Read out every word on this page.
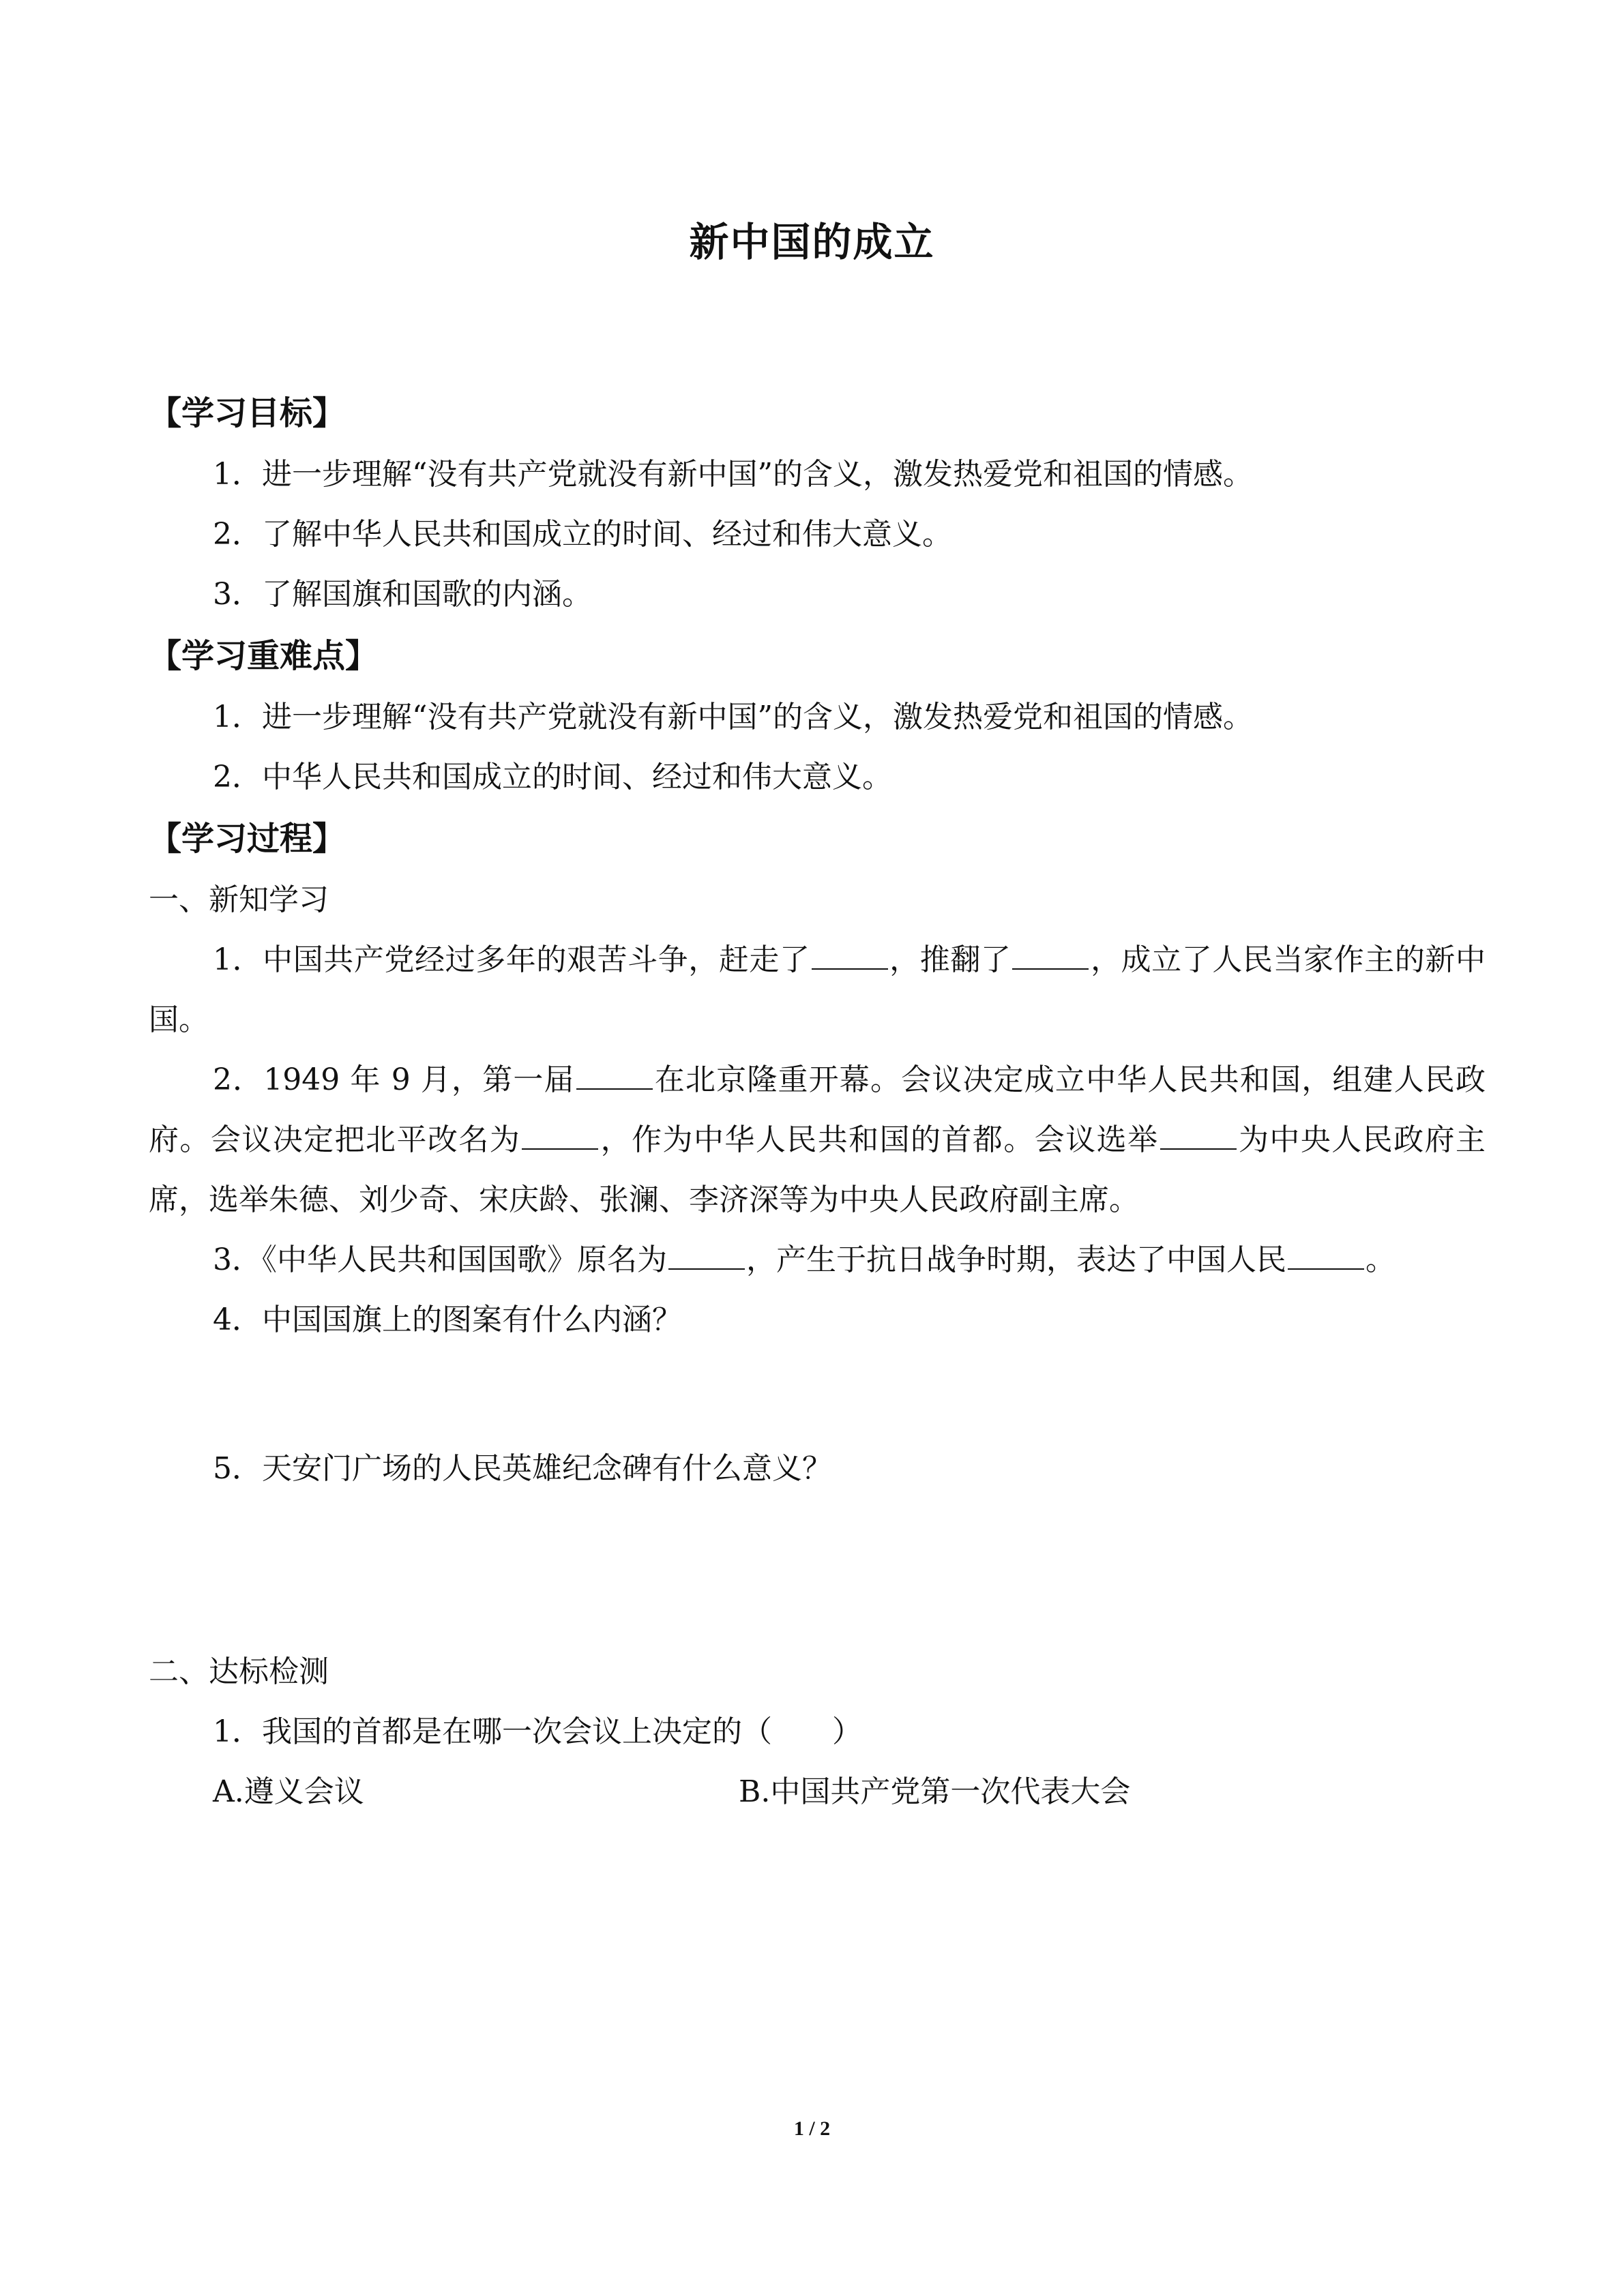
新中国的成立

【学习目标】

1．进一步理解“没有共产党就没有新中国”的含义，激发热爱党和祖国的情感。

2．了解中华人民共和国成立的时间、经过和伟大意义。

3．了解国旗和国歌的内涵。

【学习重难点】

1．进一步理解“没有共产党就没有新中国”的含义，激发热爱党和祖国的情感。

2．中华人民共和国成立的时间、经过和伟大意义。

【学习过程】

一、新知学习

1．中国共产党经过多年的艰苦斗争，赶走了	，推翻了	，成立了人民当家作主的新中国。

2．1949 年 9 月，第一届	在北京隆重开幕。会议决定成立中华人民共和国，组建人民政府。会议决定把北平改名为	，作为中华人民共和国的首都。会议选举	为中央人民政府主席，选举朱德、刘少奇、宋庆龄、张澜、李济深等为中央人民政府副主席。

3．《中华人民共和国国歌》原名为	，产生于抗日战争时期，表达了中国人民	。

4．中国国旗上的图案有什么内涵？

5．天安门广场的人民英雄纪念碑有什么意义？

二、达标检测

1．我国的首都是在哪一次会议上决定的（　　）

A.遵义会议	B.中国共产党第一次代表大会
1 / 2
